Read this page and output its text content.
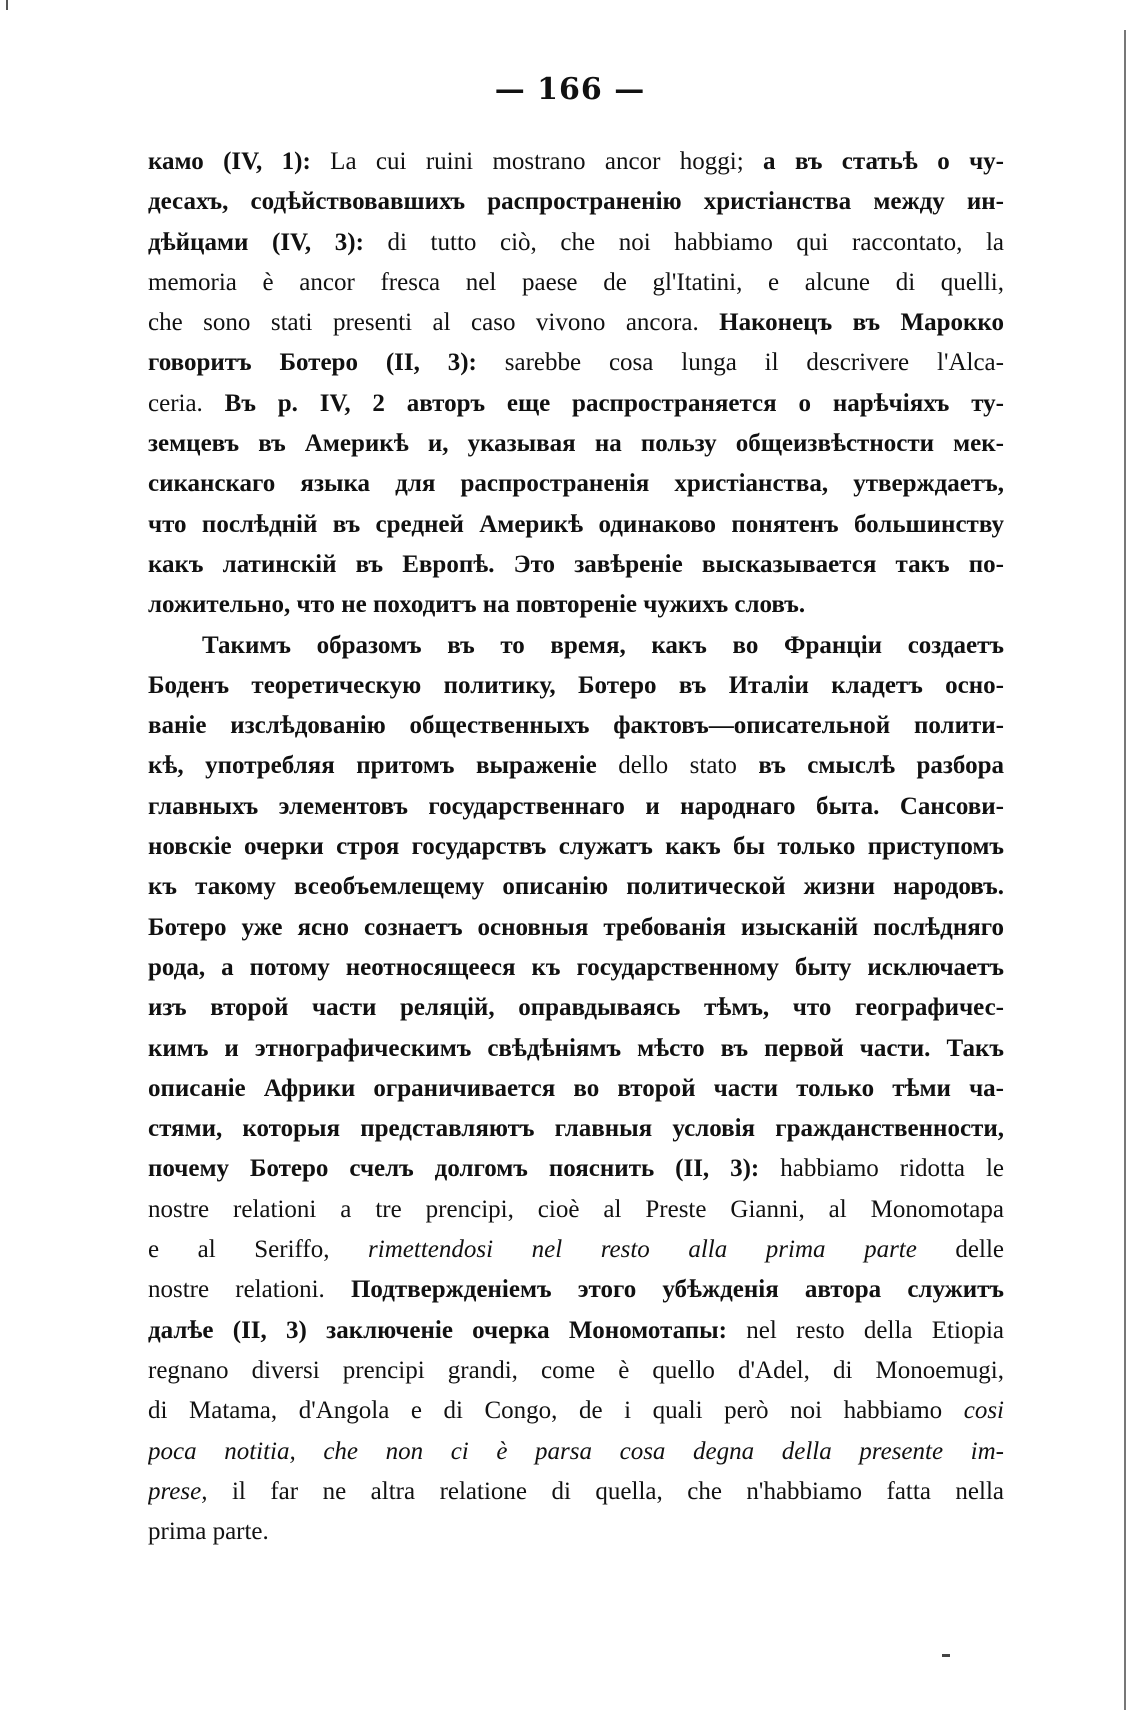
— 166 —
камо (IV, 1): La cui ruini mostrano ancor hoggi; а въ статьѣ о чу-
десахъ, содѣйствовавшихъ распространенію христіанства между ин-
дѣйцами (IV, 3): di tutto ciò, che noi habbiamo qui raccontato, la
memoria è ancor fresca nel paese de gl'Itatini, e alcune di quelli,
che sono stati presenti al caso vivono ancora. Наконецъ въ Марокко
говоритъ Ботеро (II, 3): sarebbe cosa lunga il descrivere l'Alca-
ceria. Въ р. IV, 2 авторъ еще распространяется о нарѣчіяхъ ту-
земцевъ въ Америкѣ и, указывая на пользу общеизвѣстности мек-
сиканскаго языка для распространенія христіанства, утверждаетъ,
что послѣдній въ средней Америкѣ одинаково понятенъ большинству
какъ латинскій въ Европѣ. Это завѣреніе высказывается такъ по-
ложительно, что не походитъ на повтореніе чужихъ словъ.
Такимъ образомъ въ то время, какъ во Франціи создаетъ
Боденъ теоретическую политику, Ботеро въ Италіи кладетъ осно-
ваніе изслѣдованію общественныхъ фактовъ—описательной полити-
кѣ, употребляя притомъ выраженіе dello stato въ смыслѣ разбора
главныхъ элементовъ государственнаго и народнаго быта. Сансови-
новскіе очерки строя государствъ служатъ какъ бы только приступомъ
къ такому всеобъемлещему описанію политической жизни народовъ.
Ботеро уже ясно сознаетъ основныя требованія изысканій послѣдняго
рода, а потому неотносящееся къ государственному быту исключаетъ
изъ второй части реляцій, оправдываясь тѣмъ, что географичес-
кимъ и этнографическимъ свѣдѣніямъ мѣсто въ первой части. Такъ
описаніе Африки ограничивается во второй части только тѣми ча-
стями, которыя представляютъ главныя условія гражданственности,
почему Ботеро счелъ долгомъ пояснить (II, 3): habbiamo ridotta le
nostre relationi a tre prencipi, cioè al Preste Gianni, al Monomotapa
e al Seriffo, rimettendosi nel resto alla prima parte delle
nostre relationi. Подтвержденіемъ этого убѣжденія автора служитъ
далѣе (II, 3) заключеніе очерка Мономотапы: nel resto della Etiopia
regnano diversi prencipi grandi, come è quello d'Adel, di Monoemugi,
di Matama, d'Angola e di Congo, de i quali però noi habbiamo cosi
poca notitia, che non ci è parsa cosa degna della presente im-
prese, il far ne altra relatione di quella, che n'habbiamo fatta nella
prima parte.
